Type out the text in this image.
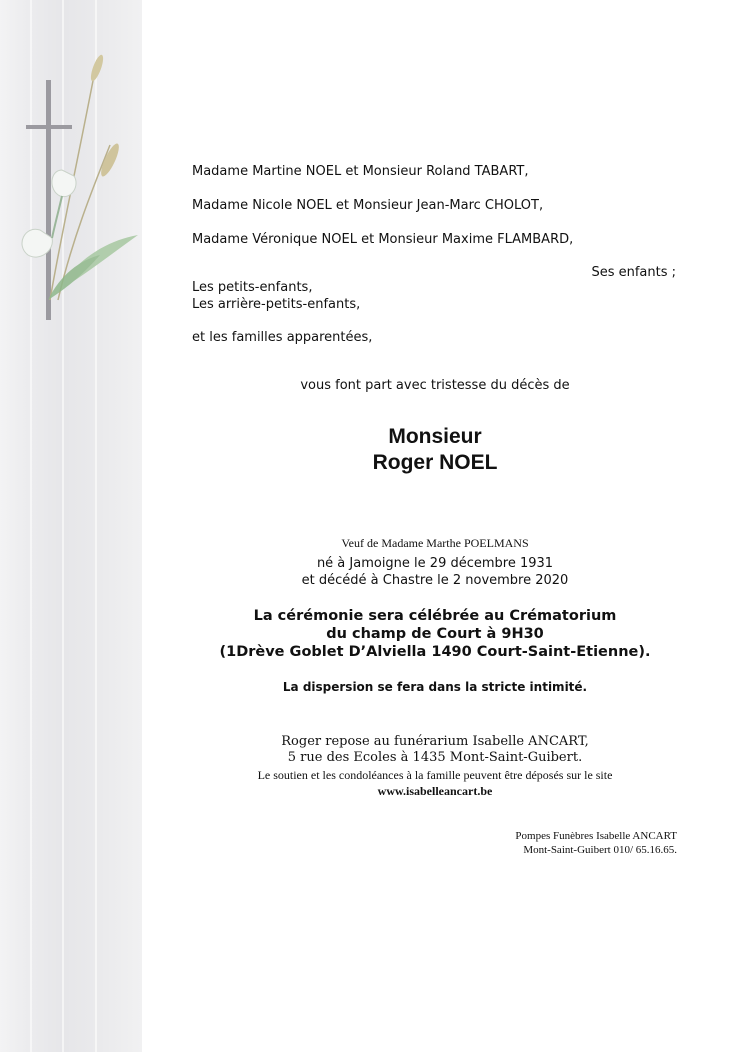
Madame Martine NOEL et Monsieur Roland TABART,
Madame Nicole NOEL et Monsieur Jean-Marc CHOLOT,
Madame Véronique NOEL et Monsieur Maxime FLAMBARD,
Ses enfants ;
Les petits-enfants,
Les arrière-petits-enfants,
et les familles apparentées,
vous font part avec tristesse du décès de
Monsieur
Roger NOEL
Veuf de Madame Marthe POELMANS
né à Jamoigne le 29 décembre 1931
et décédé à Chastre le 2 novembre 2020
La cérémonie sera célébrée au Crématorium
du champ de Court à 9H30
(1Drève Goblet D’Alviella 1490 Court-Saint-Etienne).
La dispersion se fera dans la stricte intimité.
Roger repose au funérarium Isabelle ANCART,
5 rue des Ecoles à 1435 Mont-Saint-Guibert.
Le soutien et les condoléances à la famille peuvent être déposés sur le site
www.isabelleancart.be
Pompes Funèbres Isabelle ANCART
Mont-Saint-Guibert 010/ 65.16.65.
